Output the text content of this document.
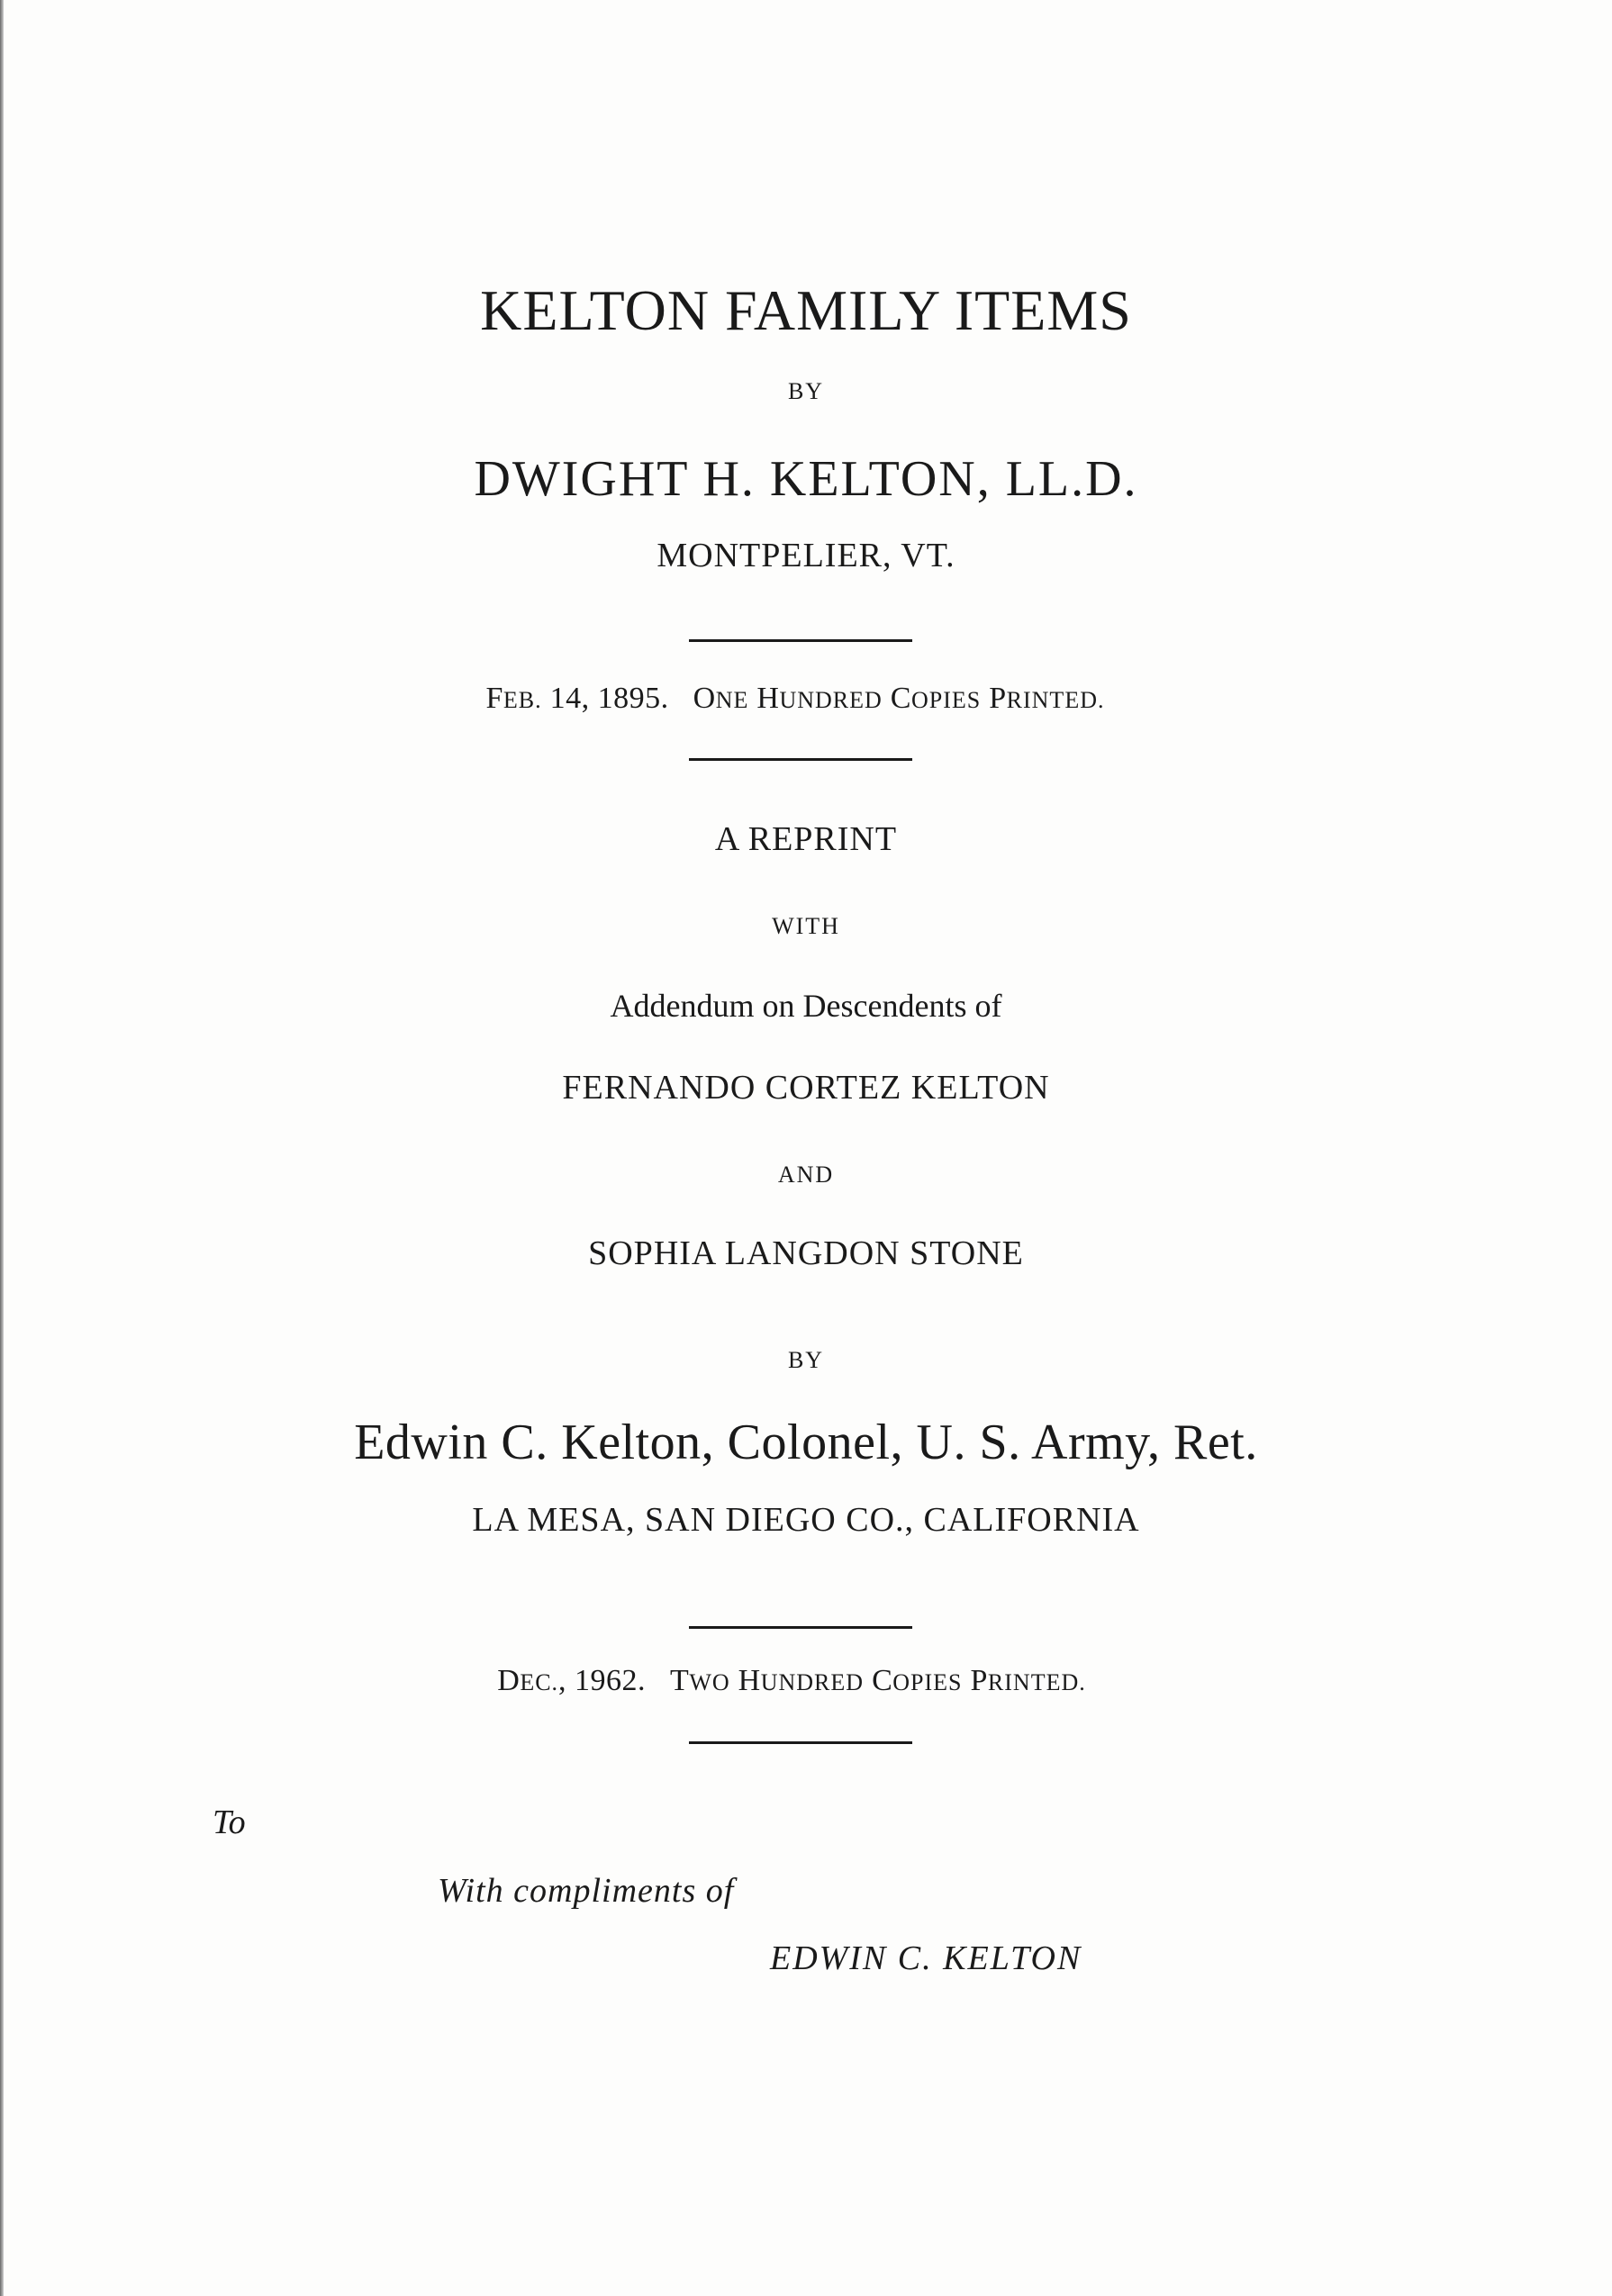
KELTON FAMILY ITEMS
BY
DWIGHT H. KELTON, LL.D.
MONTPELIER, VT.
FEB. 14, 1895. ONE HUNDRED COPIES PRINTED.
A REPRINT
WITH
Addendum on Descendents of
FERNANDO CORTEZ KELTON
AND
SOPHIA LANGDON STONE
BY
Edwin C. Kelton, Colonel, U. S. Army, Ret.
LA MESA, SAN DIEGO CO., CALIFORNIA
DEC., 1962. TWO HUNDRED COPIES PRINTED.
To
With compliments of
EDWIN C. KELTON
